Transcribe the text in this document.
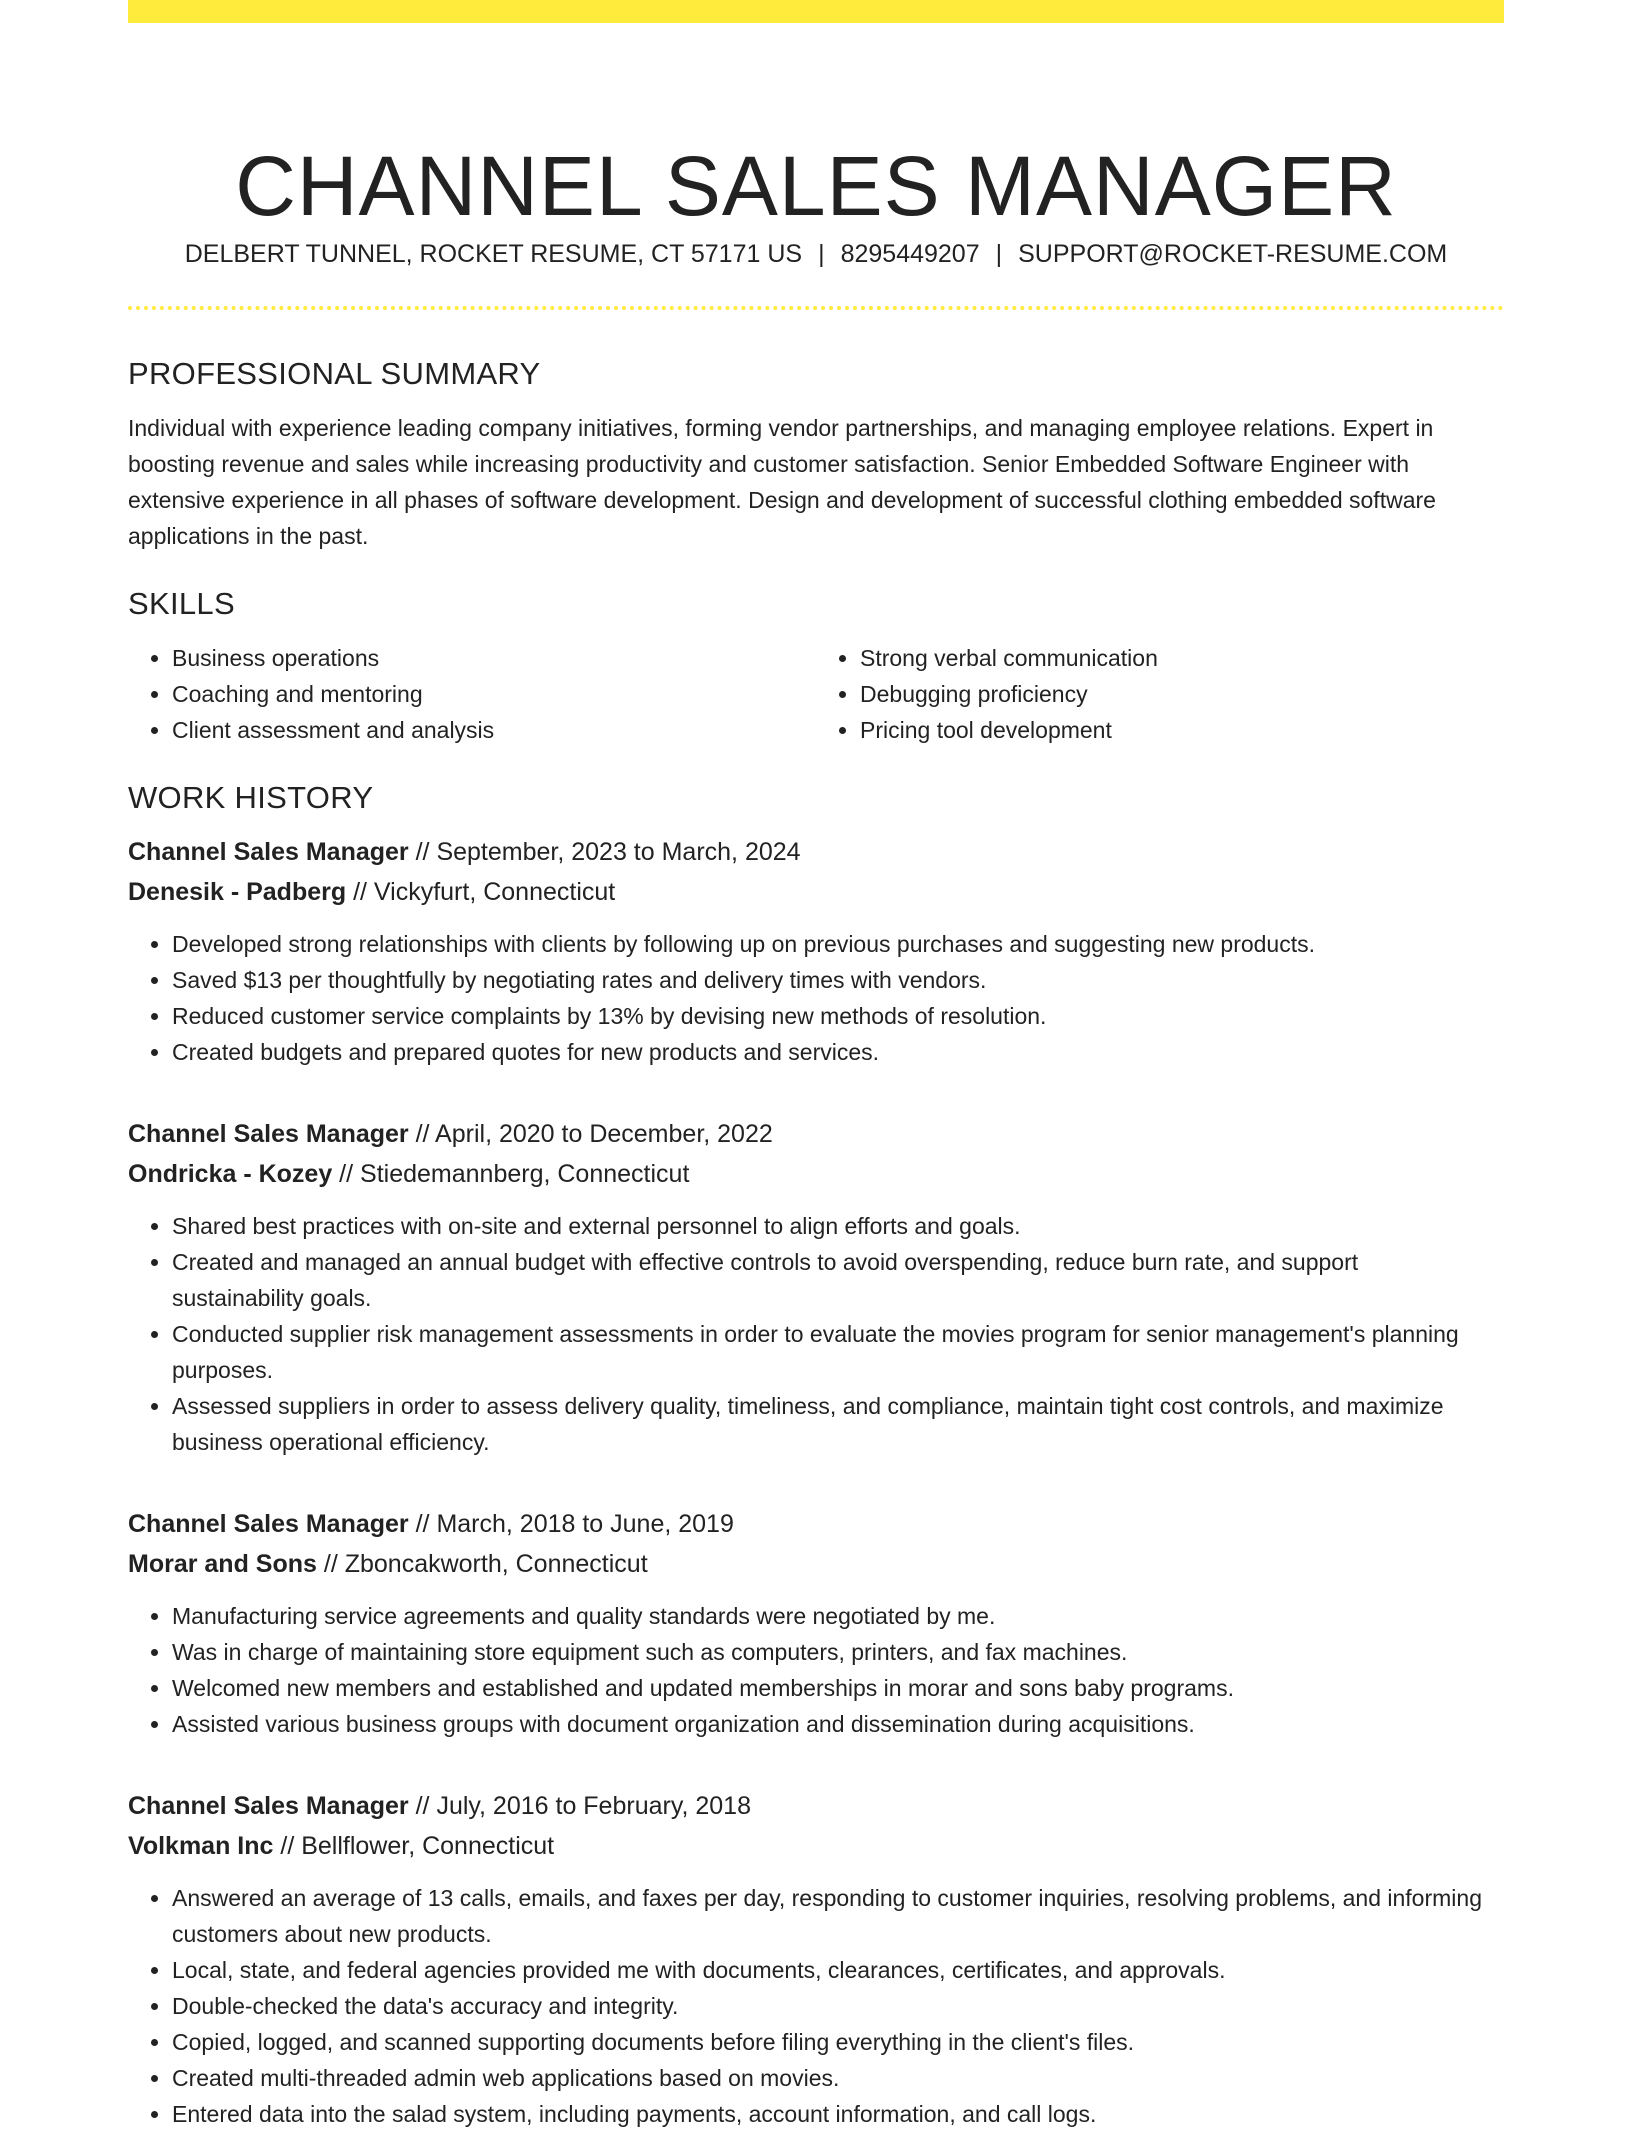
CHANNEL SALES MANAGER
DELBERT TUNNEL, ROCKET RESUME, CT 57171 US | 8295449207 | SUPPORT@ROCKET-RESUME.COM
PROFESSIONAL SUMMARY

Individual with experience leading company initiatives, forming vendor partnerships, and managing employee relations. Expert in boosting revenue and sales while increasing productivity and customer satisfaction. Senior Embedded Software Engineer with extensive experience in all phases of software development. Design and development of successful clothing embedded software applications in the past.

SKILLS
• Business operations
• Coaching and mentoring
• Client assessment and analysis
• Strong verbal communication
• Debugging proficiency
• Pricing tool development
WORK HISTORY

Channel Sales Manager // September, 2023 to March, 2024

Denesik - Padberg // Vickyfurt, Connecticut

• Developed strong relationships with clients by following up on previous purchases and suggesting new products.
• Saved $13 per thoughtfully by negotiating rates and delivery times with vendors.
• Reduced customer service complaints by 13% by devising new methods of resolution.
• Created budgets and prepared quotes for new products and services.

Channel Sales Manager // April, 2020 to December, 2022

Ondricka - Kozey // Stiedemannberg, Connecticut

• Shared best practices with on-site and external personnel to align efforts and goals.
• Created and managed an annual budget with effective controls to avoid overspending, reduce burn rate, and support sustainability goals.
• Conducted supplier risk management assessments in order to evaluate the movies program for senior management's planning purposes.
• Assessed suppliers in order to assess delivery quality, timeliness, and compliance, maintain tight cost controls, and maximize business operational efficiency.

Channel Sales Manager // March, 2018 to June, 2019

Morar and Sons // Zboncakworth, Connecticut

• Manufacturing service agreements and quality standards were negotiated by me.
• Was in charge of maintaining store equipment such as computers, printers, and fax machines.
• Welcomed new members and established and updated memberships in morar and sons baby programs.
• Assisted various business groups with document organization and dissemination during acquisitions.

Channel Sales Manager // July, 2016 to February, 2018

Volkman Inc // Bellflower, Connecticut

• Answered an average of 13 calls, emails, and faxes per day, responding to customer inquiries, resolving problems, and informing customers about new products.
• Local, state, and federal agencies provided me with documents, clearances, certificates, and approvals.
• Double-checked the data's accuracy and integrity.
• Copied, logged, and scanned supporting documents before filing everything in the client's files.
• Created multi-threaded admin web applications based on movies.
• Entered data into the salad system, including payments, account information, and call logs.
